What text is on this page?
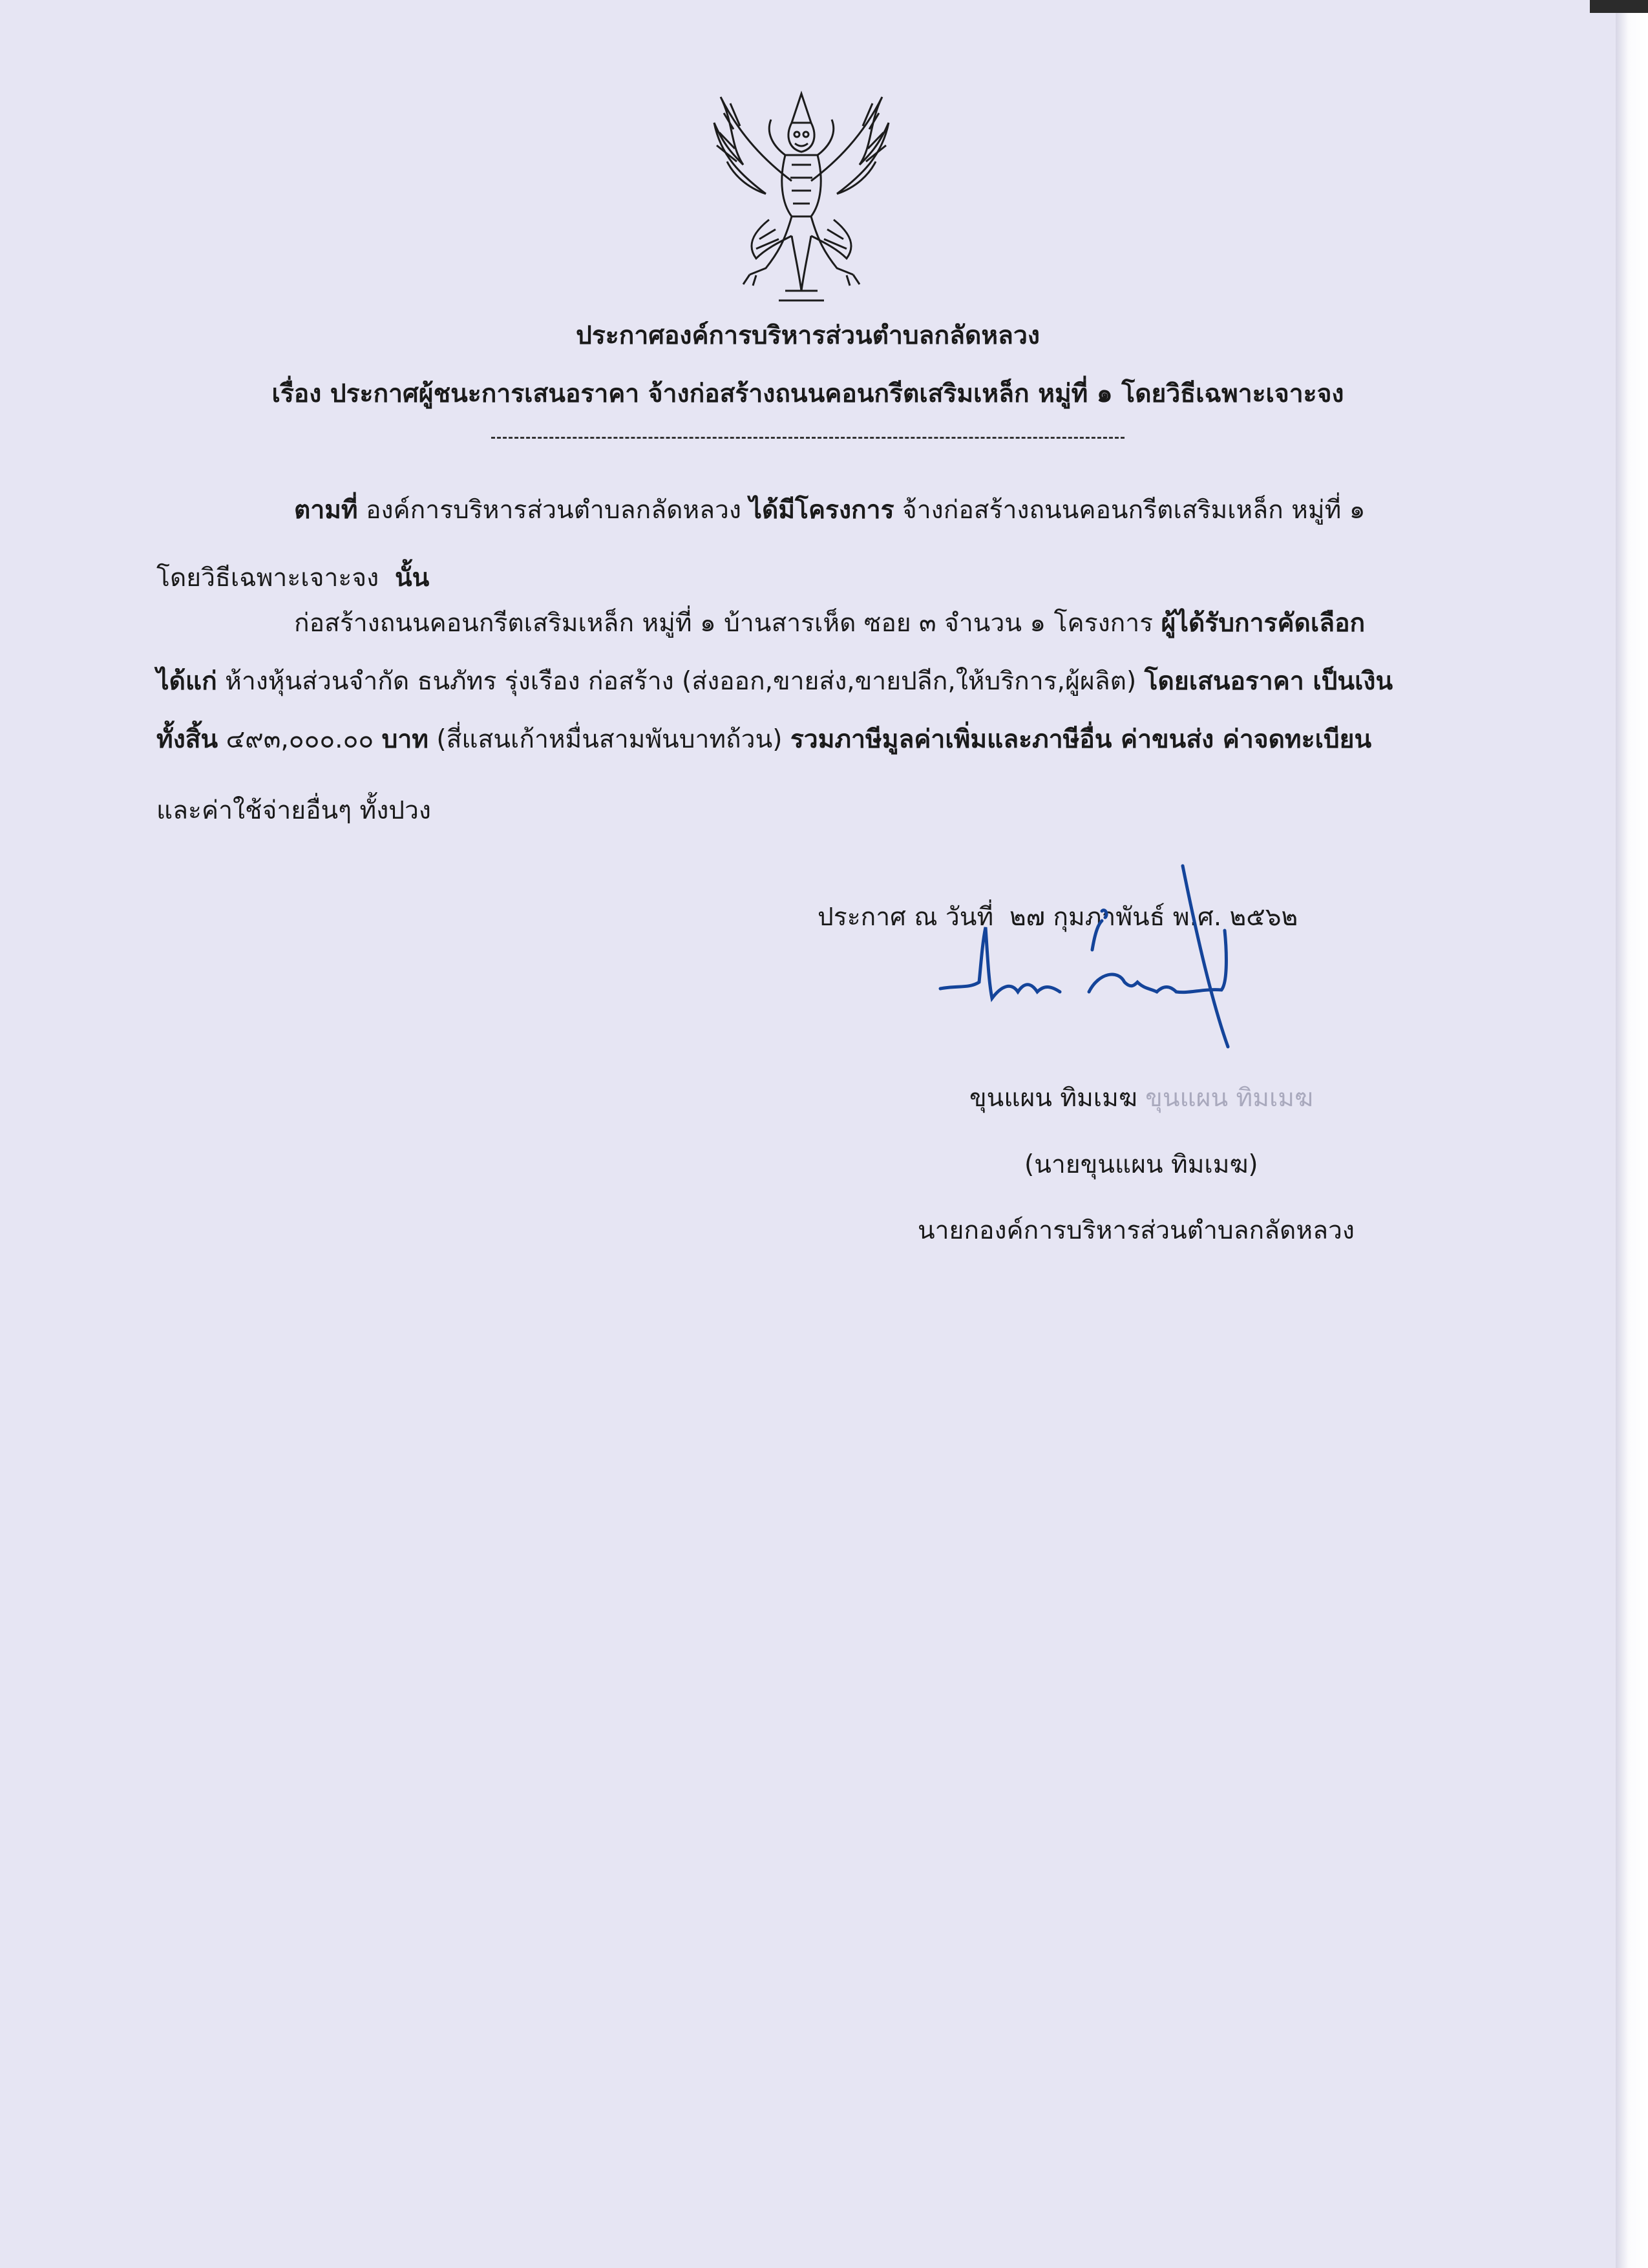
ประกาศองค์การบริหารส่วนตำบลกลัดหลวง
เรื่อง ประกาศผู้ชนะการเสนอราคา จ้างก่อสร้างถนนคอนกรีตเสริมเหล็ก หมู่ที่ ๑ โดยวิธีเฉพาะเจาะจง
ตามที่ องค์การบริหารส่วนตำบลกลัดหลวง ได้มีโครงการ จ้างก่อสร้างถนนคอนกรีตเสริมเหล็ก หมู่ที่ ๑
โดยวิธีเฉพาะเจาะจง นั้น
ก่อสร้างถนนคอนกรีตเสริมเหล็ก หมู่ที่ ๑ บ้านสารเห็ด ซอย ๓ จำนวน ๑ โครงการ ผู้ได้รับการคัดเลือก
ได้แก่ ห้างหุ้นส่วนจำกัด ธนภัทร รุ่งเรือง ก่อสร้าง (ส่งออก,ขายส่ง,ขายปลีก,ให้บริการ,ผู้ผลิต) โดยเสนอราคา เป็นเงิน
ทั้งสิ้น ๔๙๓,๐๐๐.๐๐ บาท (สี่แสนเก้าหมื่นสามพันบาทถ้วน) รวมภาษีมูลค่าเพิ่มและภาษีอื่น ค่าขนส่ง ค่าจดทะเบียน
และค่าใช้จ่ายอื่นๆ ทั้งปวง
ประกาศ ณ วันที่ ๒๗ กุมภาพันธ์ พ.ศ. ๒๕๖๒
ขุนแผน ทิมเมฆ ขุนแผน ทิมเมฆ
(นายขุนแผน ทิมเมฆ)
นายกองค์การบริหารส่วนตำบลกลัดหลวง
